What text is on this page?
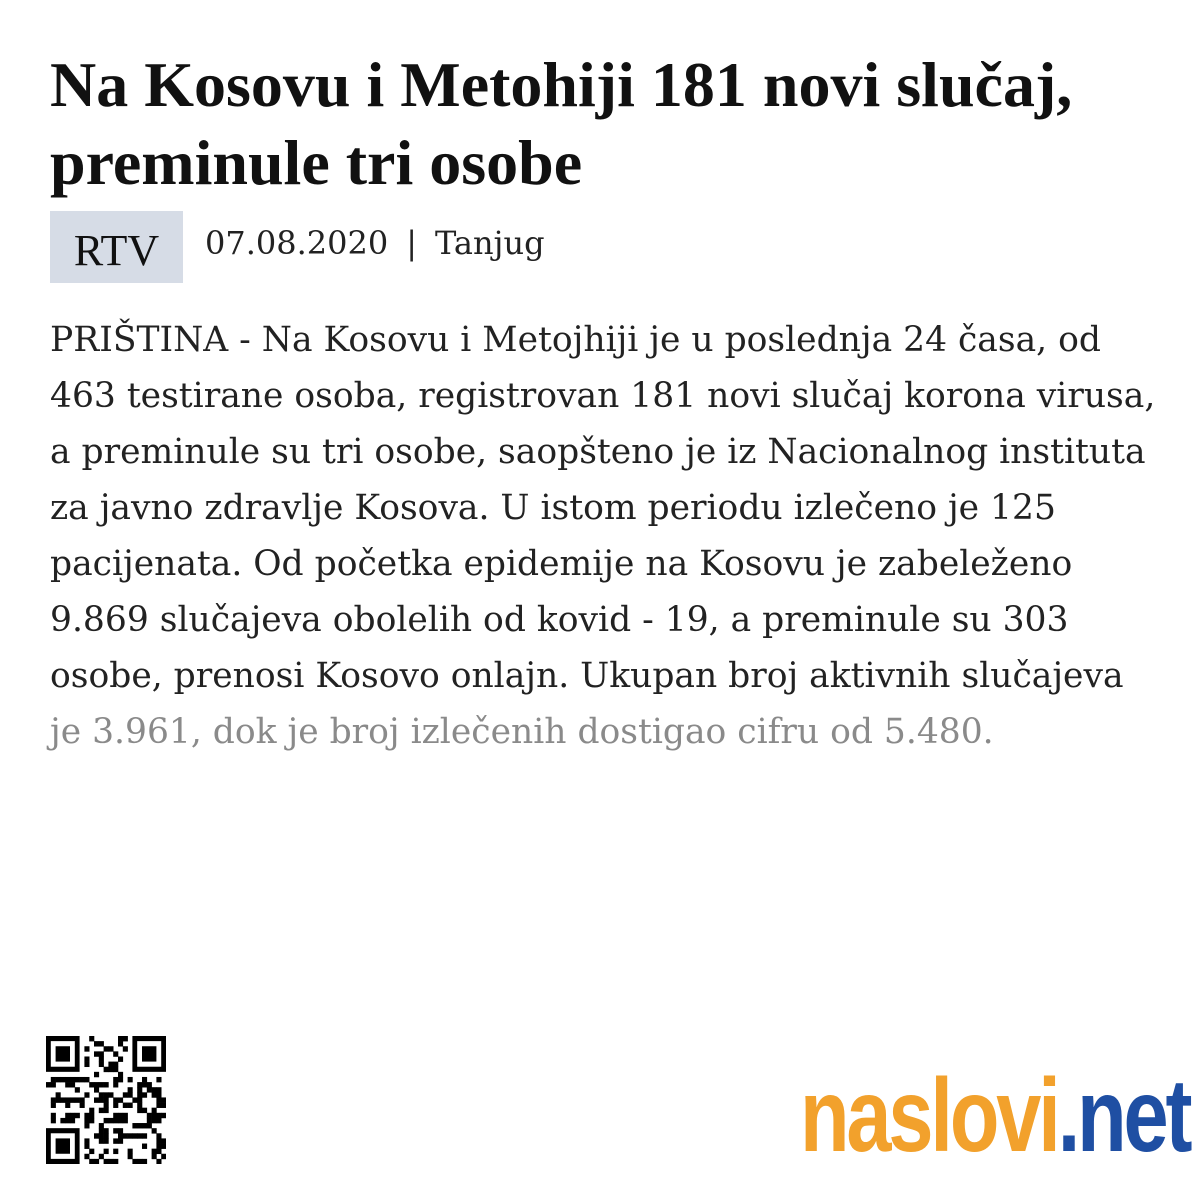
Na Kosovu i Metohiji 181 novi slučaj, preminule tri osobe
RTV	07.08.2020 | Tanjug

PRIŠTINA - Na Kosovu i Metojhiji je u poslednja 24 časa, od 463 testirane osoba, registrovan 181 novi slučaj korona virusa, a preminule su tri osobe, saopšteno je iz Nacionalnog instituta za javno zdravlje Kosova. U istom periodu izlečeno je 125 pacijenata. Od početka epidemije na Kosovu je zabeleženo 9.869 slučajeva obolelih od kovid - 19, a preminule su 303 osobe, prenosi Kosovo onlajn. Ukupan broj aktivnih slučajeva je 3.961, dok je broj izlečenih dostigao cifru od 5.480.

naslovi .net
